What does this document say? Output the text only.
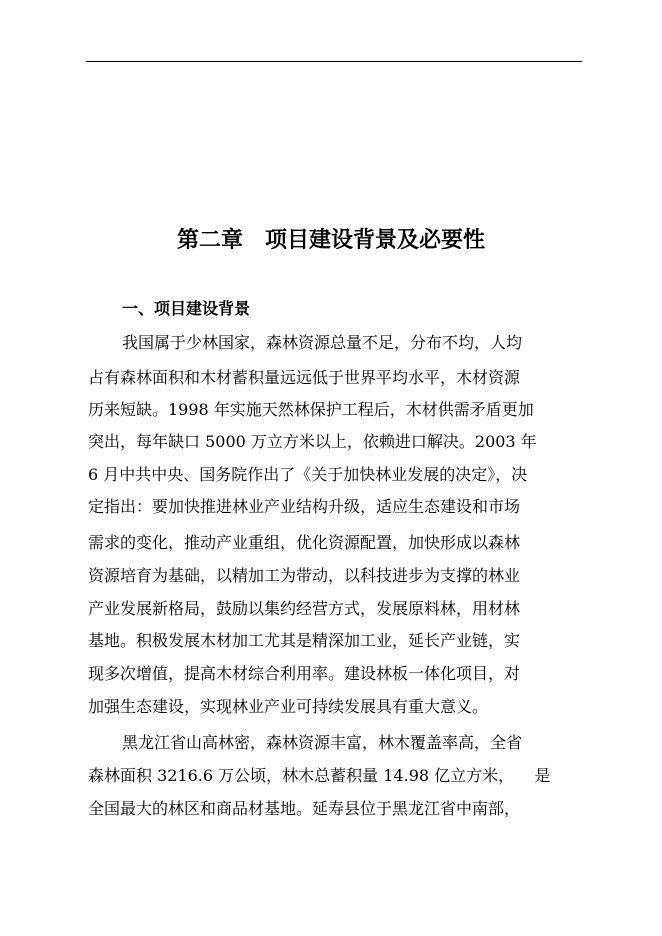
第二章　项目建设背景及必要性
一、项目建设背景

我国属于少林国家，森林资源总量不足，分布不均，人均

占有森林面积和木材蓄积量远远低于世界平均水平，木材资源

历来短缺。1998 年实施天然林保护工程后，木材供需矛盾更加

突出，每年缺口 5000 万立方米以上，依赖进口解决。2003 年

6 月中共中央、国务院作出了《关于加快林业发展的决定》，决

定指出：要加快推进林业产业结构升级，适应生态建设和市场

需求的变化，推动产业重组，优化资源配置，加快形成以森林

资源培育为基础，以精加工为带动，以科技进步为支撑的林业

产业发展新格局，鼓励以集约经营方式，发展原料林，用材林

基地。积极发展木材加工尤其是精深加工业，延长产业链，实

现多次增值，提高木材综合利用率。建设林板一体化项目，对

加强生态建设，实现林业产业可持续发展具有重大意义。

黑龙江省山高林密，森林资源丰富，林木覆盖率高，全省

森林面积 3216.6 万公顷，林木总蓄积量 14.98 亿立方米，    是

全国最大的林区和商品材基地。延寿县位于黑龙江省中南部，
